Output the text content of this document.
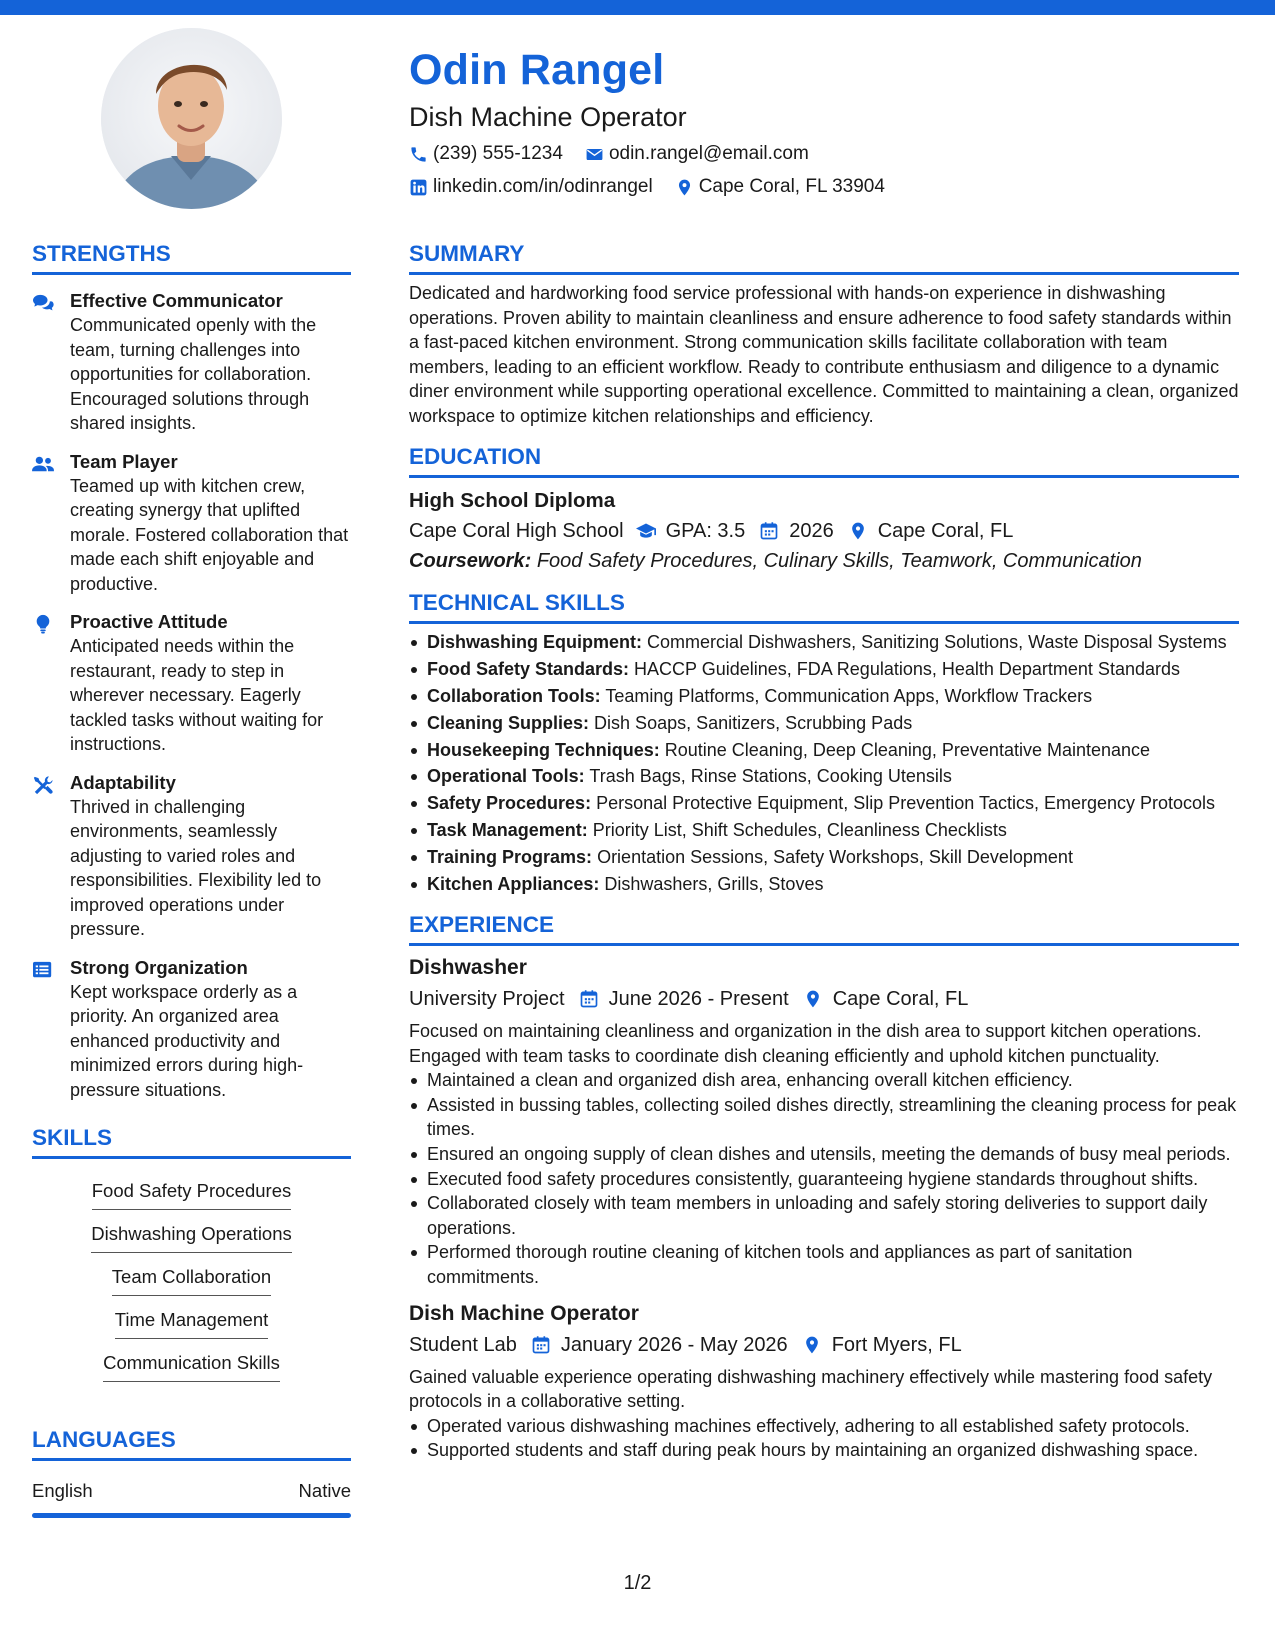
Odin Rangel
Dish Machine Operator
(239) 555-1234 odin.rangel@email.com
linkedin.com/in/odinrangel Cape Coral, FL 33904
STRENGTHS
Effective Communicator
Communicated openly with the team, turning challenges into opportunities for collaboration. Encouraged solutions through shared insights.
Team Player
Teamed up with kitchen crew, creating synergy that uplifted morale. Fostered collaboration that made each shift enjoyable and productive.
Proactive Attitude
Anticipated needs within the restaurant, ready to step in wherever necessary. Eagerly tackled tasks without waiting for instructions.
Adaptability
Thrived in challenging environments, seamlessly adjusting to varied roles and responsibilities. Flexibility led to improved operations under pressure.
Strong Organization
Kept workspace orderly as a priority. An organized area enhanced productivity and minimized errors during high-pressure situations.
SKILLS
Food Safety Procedures
Dishwashing Operations
Team Collaboration
Time Management
Communication Skills
LANGUAGES
English	Native
SUMMARY
Dedicated and hardworking food service professional with hands-on experience in dishwashing operations. Proven ability to maintain cleanliness and ensure adherence to food safety standards within a fast-paced kitchen environment. Strong communication skills facilitate collaboration with team members, leading to an efficient workflow. Ready to contribute enthusiasm and diligence to a dynamic diner environment while supporting operational excellence. Committed to maintaining a clean, organized workspace to optimize kitchen relationships and efficiency.
EDUCATION
High School Diploma
Cape Coral High School GPA: 3.5 2026 Cape Coral, FL
Coursework: Food Safety Procedures, Culinary Skills, Teamwork, Communication
TECHNICAL SKILLS
Dishwashing Equipment: Commercial Dishwashers, Sanitizing Solutions, Waste Disposal Systems
Food Safety Standards: HACCP Guidelines, FDA Regulations, Health Department Standards
Collaboration Tools: Teaming Platforms, Communication Apps, Workflow Trackers
Cleaning Supplies: Dish Soaps, Sanitizers, Scrubbing Pads
Housekeeping Techniques: Routine Cleaning, Deep Cleaning, Preventative Maintenance
Operational Tools: Trash Bags, Rinse Stations, Cooking Utensils
Safety Procedures: Personal Protective Equipment, Slip Prevention Tactics, Emergency Protocols
Task Management: Priority List, Shift Schedules, Cleanliness Checklists
Training Programs: Orientation Sessions, Safety Workshops, Skill Development
Kitchen Appliances: Dishwashers, Grills, Stoves
EXPERIENCE
Dishwasher
University Project June 2026 - Present Cape Coral, FL
Focused on maintaining cleanliness and organization in the dish area to support kitchen operations. Engaged with team tasks to coordinate dish cleaning efficiently and uphold kitchen punctuality.
Maintained a clean and organized dish area, enhancing overall kitchen efficiency.
Assisted in bussing tables, collecting soiled dishes directly, streamlining the cleaning process for peak times.
Ensured an ongoing supply of clean dishes and utensils, meeting the demands of busy meal periods.
Executed food safety procedures consistently, guaranteeing hygiene standards throughout shifts.
Collaborated closely with team members in unloading and safely storing deliveries to support daily operations.
Performed thorough routine cleaning of kitchen tools and appliances as part of sanitation commitments.
Dish Machine Operator
Student Lab January 2026 - May 2026 Fort Myers, FL
Gained valuable experience operating dishwashing machinery effectively while mastering food safety protocols in a collaborative setting.
Operated various dishwashing machines effectively, adhering to all established safety protocols.
Supported students and staff during peak hours by maintaining an organized dishwashing space.
1/2
